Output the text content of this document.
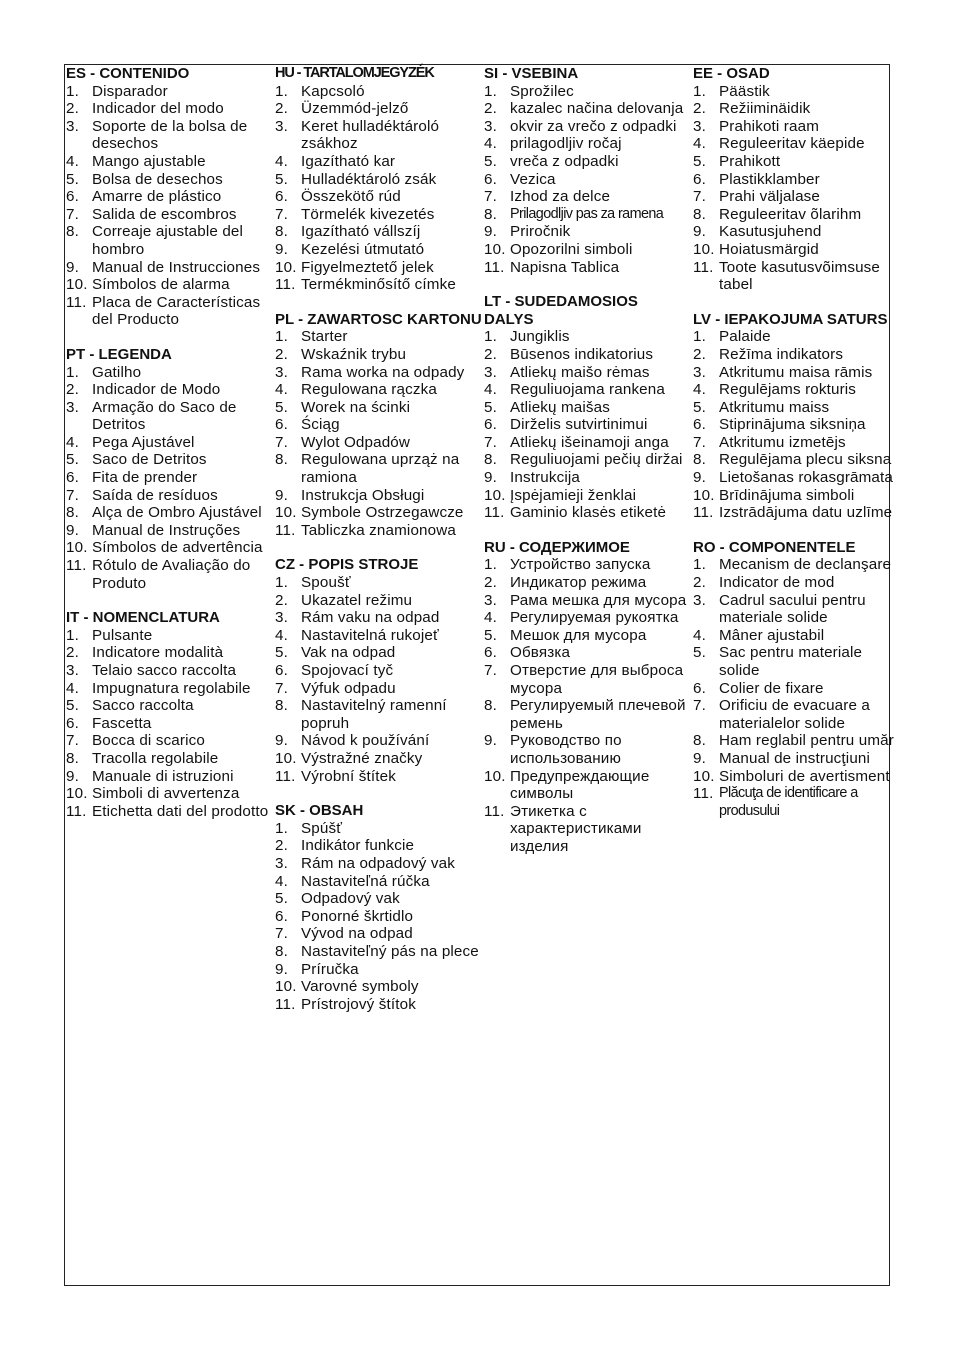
ES - CONTENIDO
1. Disparador
2. Indicador del modo
3. Soporte de la bolsa de desechos
4. Mango ajustable
5. Bolsa de desechos
6. Amarre de plástico
7. Salida de escombros
8. Correaje ajustable del hombro
9. Manual de Instrucciones
10. Símbolos de alarma
11. Placa de Características del Producto
PT - LEGENDA
1. Gatilho
2. Indicador de Modo
3. Armação do Saco de Detritos
4. Pega Ajustável
5. Saco de Detritos
6. Fita de prender
7. Saída de resíduos
8. Alça de Ombro Ajustável
9. Manual de Instruções
10. Símbolos de advertência
11. Rótulo de Avaliação do Produto
IT - NOMENCLATURA
1. Pulsante
2. Indicatore modalità
3. Telaio sacco raccolta
4. Impugnatura regolabile
5. Sacco raccolta
6. Fascetta
7. Bocca di scarico
8. Tracolla regolabile
9. Manuale di istruzioni
10. Simboli di avvertenza
11. Etichetta dati del prodotto
HU - TARTALOMJEGYZÉK
1. Kapcsoló
2. Üzemmód-jelző
3. Keret hulladéktároló zsákhoz
4. Igazítható kar
5. Hulladéktároló zsák
6. Összekötő rúd
7. Törmelék kivezetés
8. Igazítható vállszíj
9. Kezelési útmutató
10. Figyelmeztető jelek
11. Termékminősítő címke
PL - ZAWARTOSC KARTONU
1. Starter
2. Wskaźnik trybu
3. Rama worka na odpady
4. Regulowana rączka
5. Worek na ścinki
6. Ściąg
7. Wylot Odpadów
8. Regulowana uprząż na ramiona
9. Instrukcja Obsługi
10. Symbole Ostrzegawcze
11. Tabliczka znamionowa
CZ - POPIS STROJE
1. Spoušť
2. Ukazatel režimu
3. Rám vaku na odpad
4. Nastavitelná rukojeť
5. Vak na odpad
6. Spojovací tyč
7. Výfuk odpadu
8. Nastavitelný ramenní popruh
9. Návod k používání
10. Výstražné značky
11. Výrobní štítek
SK - OBSAH
1. Spúšť
2. Indikátor funkcie
3. Rám na odpadový vak
4. Nastaviteľná rúčka
5. Odpadový vak
6. Ponorné škrtidlo
7. Vývod na odpad
8. Nastaviteľný pás na plece
9. Príručka
10. Varovné symboly
11. Prístrojový štítok
SI - VSEBINA
1. Sprožilec
2. kazalec načina delovanja
3. okvir za vrečo z odpadki
4. prilagodljiv ročaj
5. vreča z odpadki
6. Vezica
7. Izhod za delce
8. Prilagodljiv pas za ramena
9. Priročnik
10. Opozorilni simboli
11. Napisna Tablica
LT - SUDEDAMOSIOS DALYS
1. Jungiklis
2. Būsenos indikatorius
3. Atliekų maišo rėmas
4. Reguliuojama rankena
5. Atliekų maišas
6. Dirželis sutvirtinimui
7. Atliekų išeinamoji anga
8. Reguliuojami pečių diržai
9. Instrukcija
10. Įspėjamieji ženklai
11. Gaminio klasės etiketė
RU - СОДЕРЖИМОЕ
1. Устройство запуска
2. Индикатор режима
3. Рама мешка для мусора
4. Регулируемая рукоятка
5. Мешок для мусора
6. Обвязка
7. Отверстие для выброса мусора
8. Регулируемый плечевой ремень
9. Руководство по использованию
10. Предупреждающие символы
11. Этикетка с характеристиками изделия
EE - OSAD
1. Päästik
2. Režiiminäidik
3. Prahikoti raam
4. Reguleeritav käepide
5. Prahikott
6. Plastikklamber
7. Prahi väljalase
8. Reguleeritav õlarihm
9. Kasutusjuhend
10. Hoiatusmärgid
11. Toote kasutusvõimsuse tabel
LV - IEPAKOJUMA SATURS
1. Palaide
2. Režīma indikators
3. Atkritumu maisa rāmis
4. Regulējams rokturis
5. Atkritumu maiss
6. Stiprinājuma siksniņa
7. Atkritumu izmetējs
8. Regulējama plecu siksna
9. Lietošanas rokasgrāmata
10. Brīdinājuma simboli
11. Izstrādājuma datu uzlīme
RO - COMPONENTELE
1. Mecanism de declanşare
2. Indicator de mod
3. Cadrul sacului pentru materiale solide
4. Mâner ajustabil
5. Sac pentru materiale solide
6. Colier de fixare
7. Orificiu de evacuare a materialelor solide
8. Ham reglabil pentru umăr
9. Manual de instrucţiuni
10. Simboluri de avertisment
11. Plăcuţa de identificare a produsului
